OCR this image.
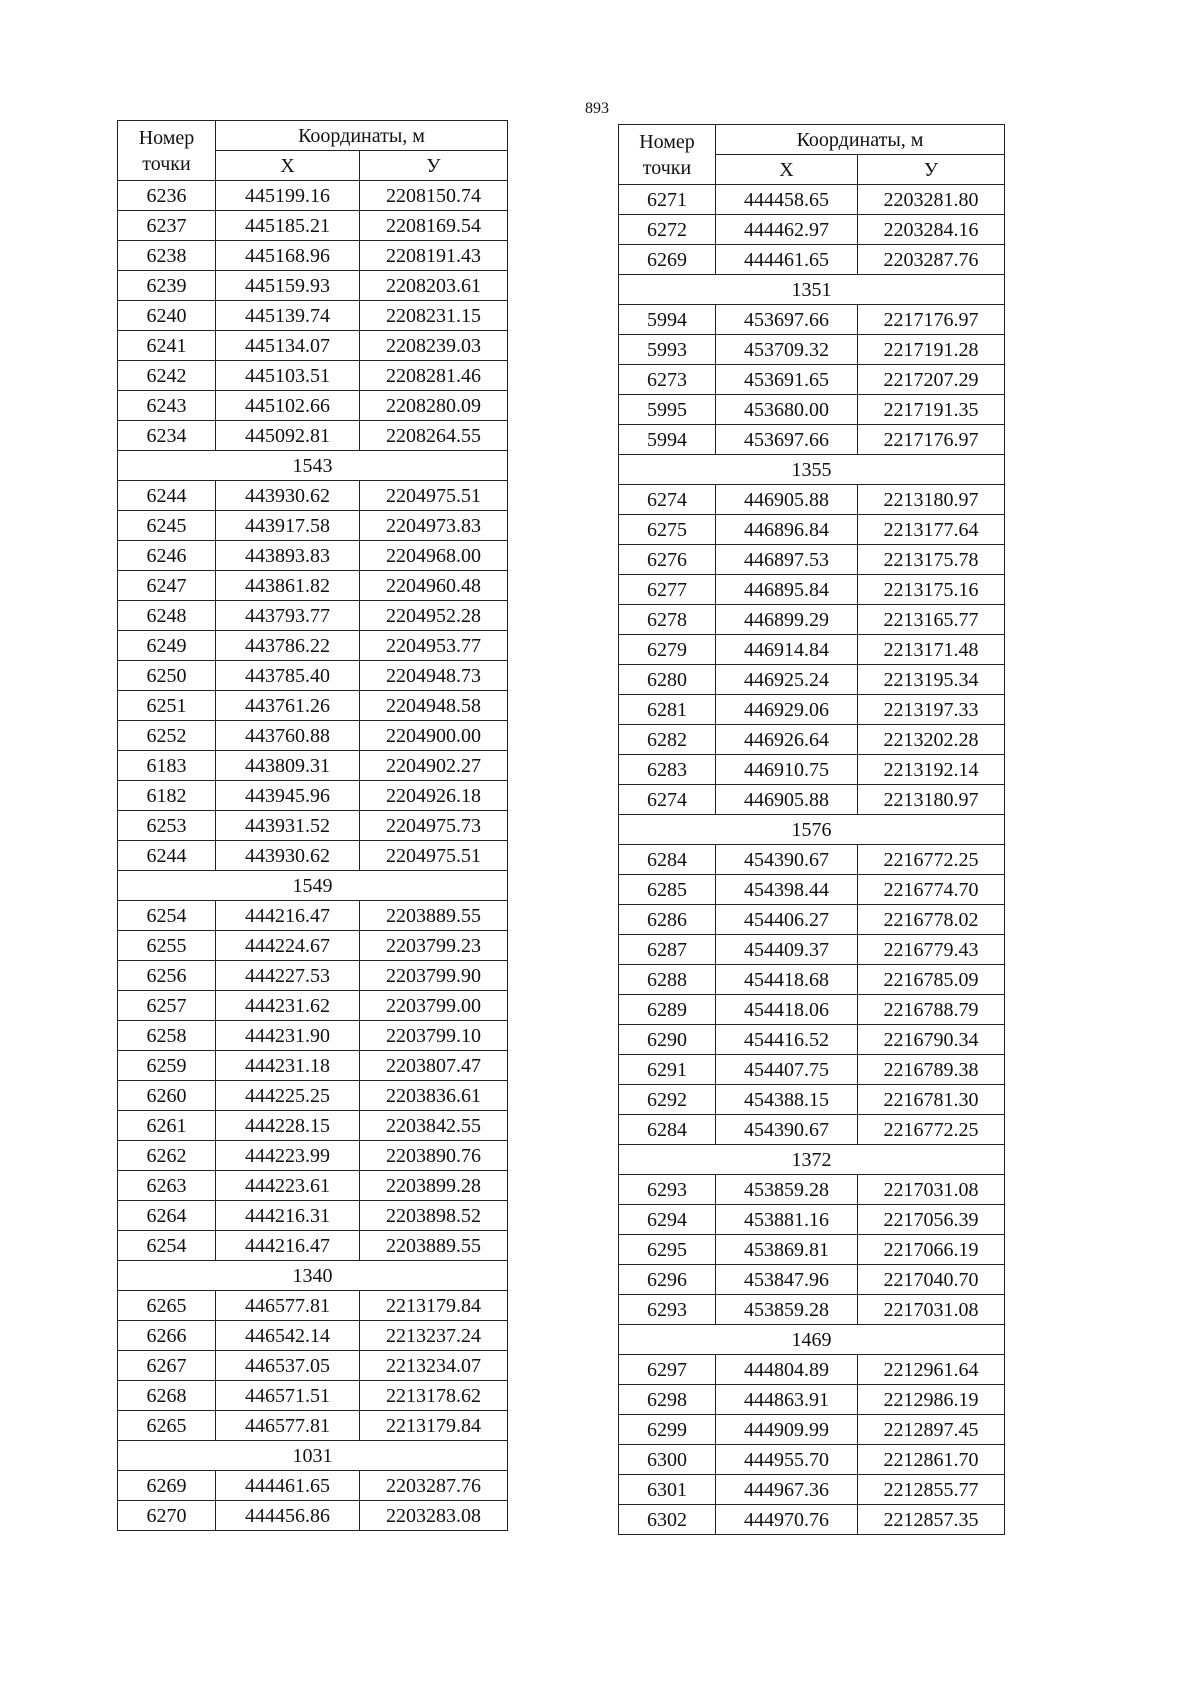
893
Номер точки	Координаты, м	
	X	У
6236	445199.16	2208150.74
6237	445185.21	2208169.54
6238	445168.96	2208191.43
6239	445159.93	2208203.61
6240	445139.74	2208231.15
6241	445134.07	2208239.03
6242	445103.51	2208281.46
6243	445102.66	2208280.09
6234	445092.81	2208264.55
1543		
6244	443930.62	2204975.51
6245	443917.58	2204973.83
6246	443893.83	2204968.00
6247	443861.82	2204960.48
6248	443793.77	2204952.28
6249	443786.22	2204953.77
6250	443785.40	2204948.73
6251	443761.26	2204948.58
6252	443760.88	2204900.00
6183	443809.31	2204902.27
6182	443945.96	2204926.18
6253	443931.52	2204975.73
6244	443930.62	2204975.51
1549		
6254	444216.47	2203889.55
6255	444224.67	2203799.23
6256	444227.53	2203799.90
6257	444231.62	2203799.00
6258	444231.90	2203799.10
6259	444231.18	2203807.47
6260	444225.25	2203836.61
6261	444228.15	2203842.55
6262	444223.99	2203890.76
6263	444223.61	2203899.28
6264	444216.31	2203898.52
6254	444216.47	2203889.55
1340		
6265	446577.81	2213179.84
6266	446542.14	2213237.24
6267	446537.05	2213234.07
6268	446571.51	2213178.62
6265	446577.81	2213179.84
1031		
6269	444461.65	2203287.76
6270	444456.86	2203283.08
Номер точки	Координаты, м	
	X	У
6271	444458.65	2203281.80
6272	444462.97	2203284.16
6269	444461.65	2203287.76
1351		
5994	453697.66	2217176.97
5993	453709.32	2217191.28
6273	453691.65	2217207.29
5995	453680.00	2217191.35
5994	453697.66	2217176.97
1355		
6274	446905.88	2213180.97
6275	446896.84	2213177.64
6276	446897.53	2213175.78
6277	446895.84	2213175.16
6278	446899.29	2213165.77
6279	446914.84	2213171.48
6280	446925.24	2213195.34
6281	446929.06	2213197.33
6282	446926.64	2213202.28
6283	446910.75	2213192.14
6274	446905.88	2213180.97
1576		
6284	454390.67	2216772.25
6285	454398.44	2216774.70
6286	454406.27	2216778.02
6287	454409.37	2216779.43
6288	454418.68	2216785.09
6289	454418.06	2216788.79
6290	454416.52	2216790.34
6291	454407.75	2216789.38
6292	454388.15	2216781.30
6284	454390.67	2216772.25
1372		
6293	453859.28	2217031.08
6294	453881.16	2217056.39
6295	453869.81	2217066.19
6296	453847.96	2217040.70
6293	453859.28	2217031.08
1469		
6297	444804.89	2212961.64
6298	444863.91	2212986.19
6299	444909.99	2212897.45
6300	444955.70	2212861.70
6301	444967.36	2212855.77
6302	444970.76	2212857.35
